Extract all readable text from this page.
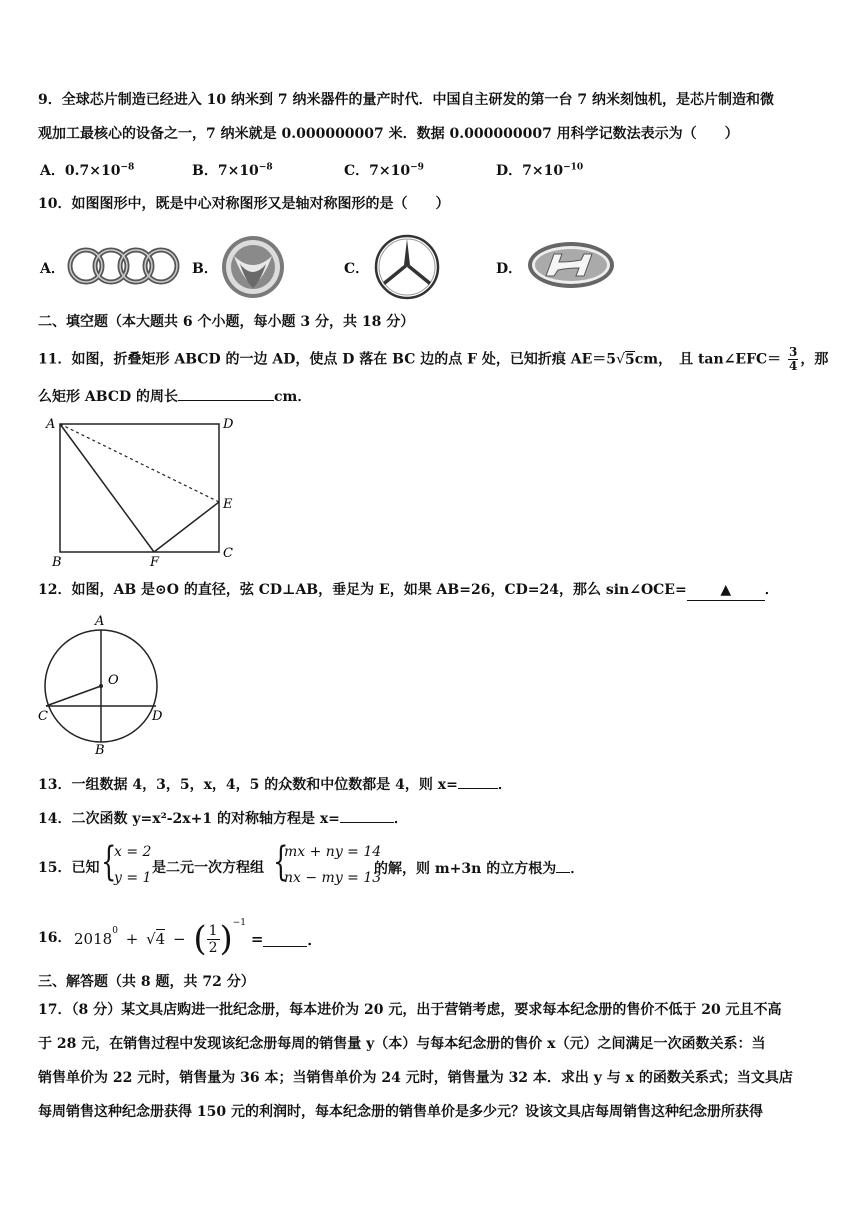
9．全球芯片制造已经进入 10 纳米到 7 纳米器件的量产时代．中国自主研发的第一台 7 纳米刻蚀机，是芯片制造和微
观加工最核心的设备之一，7 纳米就是 0.000000007 米．数据 0.000000007 用科学记数法表示为（　　）
A．$0.7\times 10^{-8}$	B．$7\times 10^{-8}$	C．$7\times 10^{-9}$	D．$7\times 10^{-10}$
10．如图图形中，既是中心对称图形又是轴对称图形的是（　　）
A．	B．	C．	D．
二、填空题（本大题共 6 个小题，每小题 3 分，共 18 分）
11．如图，折叠矩形 ABCD 的一边 AD，使点 D 落在 BC 边的点 F 处，已知折痕 AE＝5√5cm，　且 tan∠EFC＝ $\frac{3}{4}$ ，那
么矩形 ABCD 的周长	cm．
A	D
E
C
B	F
12．如图，AB 是⊙O 的直径，弦 CD⊥AB，垂足为 E，如果 AB=26，CD=24，那么 sin∠OCE= ▲ ．
A
O
C	D
B
13．一组数据 4，3，5，x，4，5 的众数和中位数都是 4，则 x=	．
14．二次函数 y=x²-2x+1 的对称轴方程是 x=	．
15．已知 {
x = 2
y = 1
是二元一次方程组 {
mx + ny = 14
nx − my = 13
的解，则 m+3n 的立方根为 ．
16． $2018^0 + √4$ − ( $\frac{1}{2} )^{-1}$ =	．
三、解答题（共 8 题，共 72 分）
17．（8 分）某文具店购进一批纪念册，每本进价为 20 元，出于营销考虑，要求每本纪念册的售价不低于 20 元且不高
于 28 元，在销售过程中发现该纪念册每周的销售量 y（本）与每本纪念册的售价 x（元）之间满足一次函数关系：当
销售单价为 22 元时，销售量为 36 本；当销售单价为 24 元时，销售量为 32 本．求出 y 与 x 的函数关系式；当文具店
每周销售这种纪念册获得 150 元的利润时，每本纪念册的销售单价是多少元？设该文具店每周销售这种纪念册所获得
